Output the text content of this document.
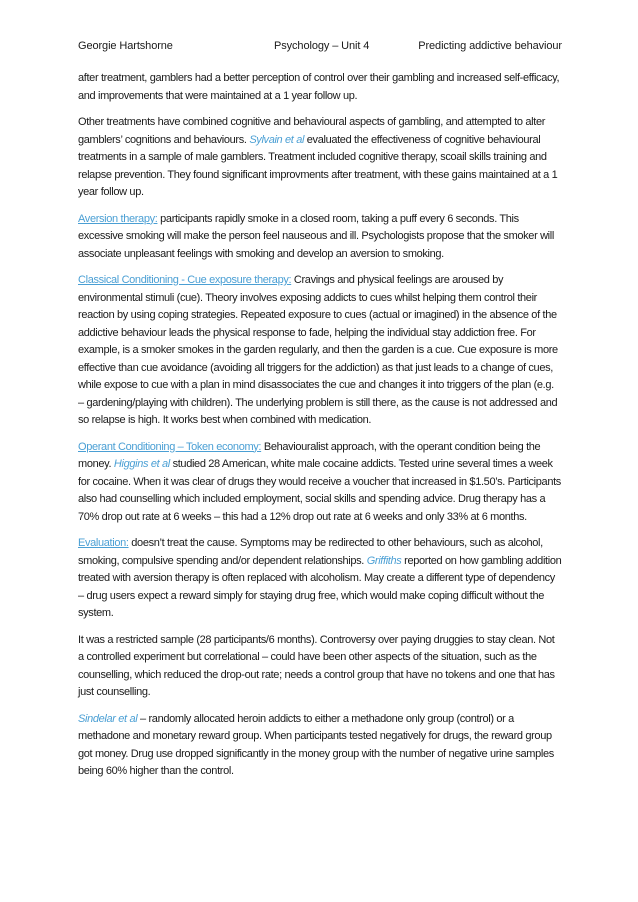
Georgie Hartshorne	Psychology – Unit 4	Predicting addictive behaviour

after treatment, gamblers had a better perception of control over their gambling and increased self-efficacy, and improvements that were maintained at a 1 year follow up.

Other treatments have combined cognitive and behavioural aspects of gambling, and attempted to alter gamblers’ cognitions and behaviours. Sylvain et al evaluated the effectiveness of cognitive behavioural treatments in a sample of male gamblers. Treatment included cognitive therapy, scoail skills training and relapse prevention. They found significant improvments after treatment, with these gains maintained at a 1 year follow up.

Aversion therapy: participants rapidly smoke in a closed room, taking a puff every 6 seconds. This excessive smoking will make the person feel nauseous and ill. Psychologists propose that the smoker will associate unpleasant feelings with smoking and develop an aversion to smoking.

Classical Conditioning - Cue exposure therapy: Cravings and physical feelings are aroused by environmental stimuli (cue). Theory involves exposing addicts to cues whilst helping them control their reaction by using coping strategies. Repeated exposure to cues (actual or imagined) in the absence of the addictive behaviour leads the physical response to fade, helping the individual stay addiction free. For example, is a smoker smokes in the garden regularly, and then the garden is a cue. Cue exposure is more effective than cue avoidance (avoiding all triggers for the addiction) as that just leads to a change of cues, while expose to cue with a plan in mind disassociates the cue and changes it into triggers of the plan (e.g. – gardening/playing with children). The underlying problem is still there, as the cause is not addressed and so relapse is high. It works best when combined with medication.

Operant Conditioning – Token economy: Behaviouralist approach, with the operant condition being the money. Higgins et al studied 28 American, white male cocaine addicts. Tested urine several times a week for cocaine. When it was clear of drugs they would receive a voucher that increased in $1.50’s. Participants also had counselling which included employment, social skills and spending advice. Drug therapy has a 70% drop out rate at 6 weeks – this had a 12% drop out rate at 6 weeks and only 33% at 6 months.

Evaluation: doesn’t treat the cause. Symptoms may be redirected to other behaviours, such as alcohol, smoking, compulsive spending and/or dependent relationships. Griffiths reported on how gambling addition treated with aversion therapy is often replaced with alcoholism. May create a different type of dependency – drug users expect a reward simply for staying drug free, which would make coping difficult without the system.

It was a restricted sample (28 participants/6 months). Controversy over paying druggies to stay clean. Not a controlled experiment but correlational – could have been other aspects of the situation, such as the counselling, which reduced the drop-out rate; needs a control group that have no tokens and one that has just counselling.

Sindelar et al – randomly allocated heroin addicts to either a methadone only group (control) or a methadone and monetary reward group. When participants tested negatively for drugs, the reward group got money. Drug use dropped significantly in the money group with the number of negative urine samples being 60% higher than the control.
